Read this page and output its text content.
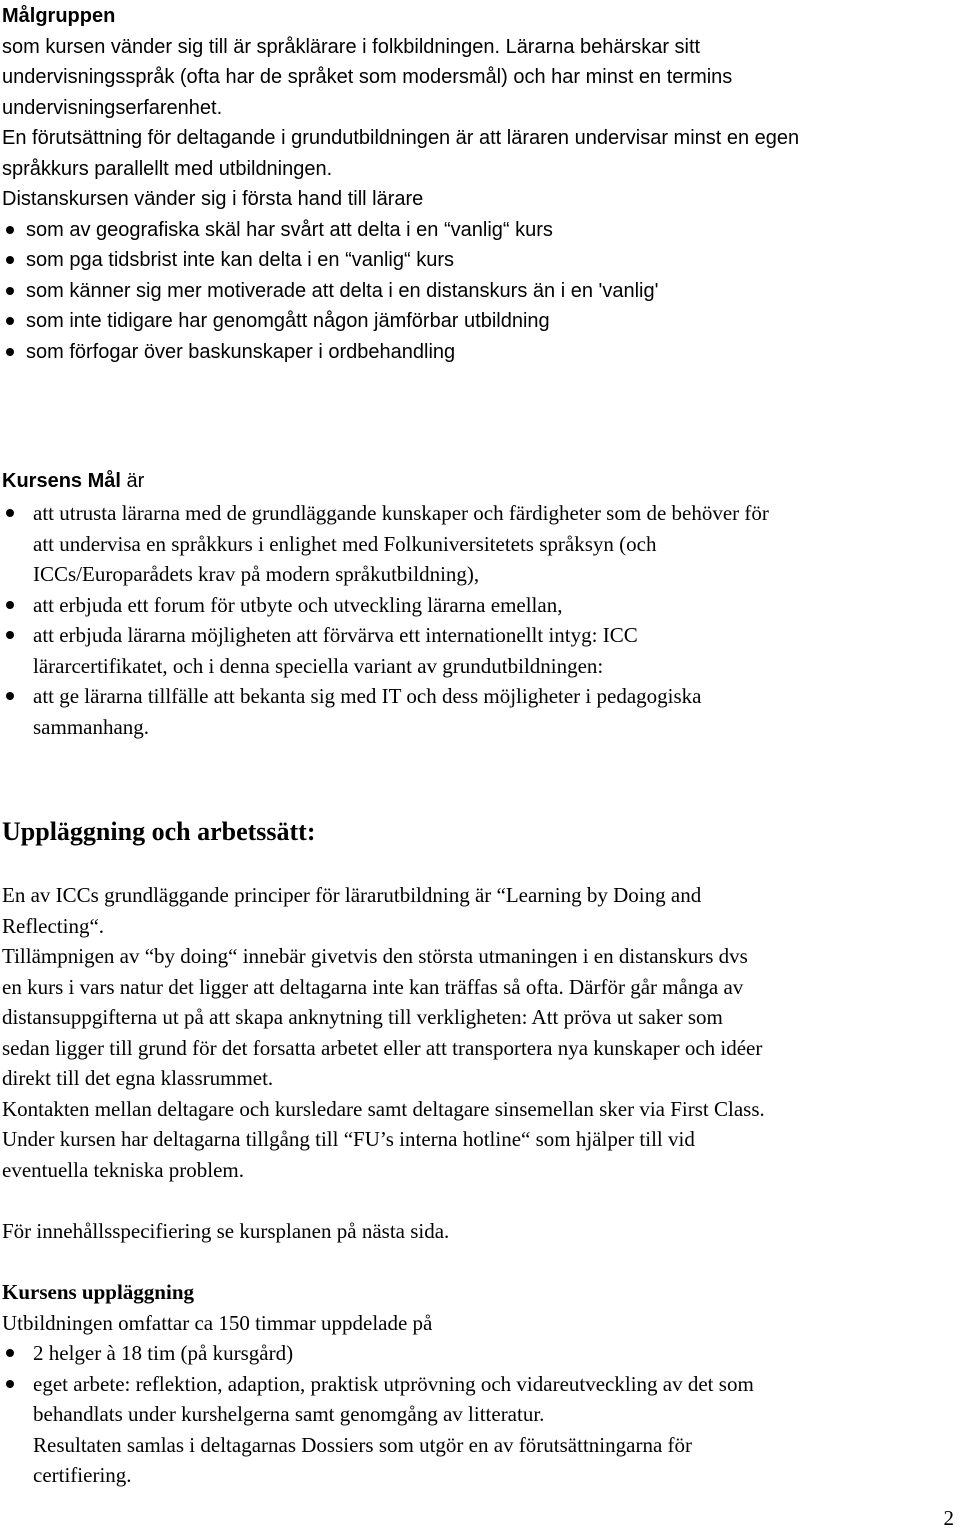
Målgruppen
som kursen vänder sig till är språklärare i folkbildningen. Lärarna behärskar sitt
undervisningsspråk (ofta har de språket som modersmål) och har minst en termins
undervisningserfarenhet.
En förutsättning för deltagande i grundutbildningen är att läraren undervisar minst en egen
språkkurs parallellt med utbildningen.
Distanskursen vänder sig i första hand till lärare
som av geografiska skäl har svårt att delta i en “vanlig“ kurs
som pga tidsbrist inte kan delta i en “vanlig“ kurs
som känner sig mer motiverade att delta i en distanskurs än i en 'vanlig'
som inte tidigare har genomgått någon jämförbar utbildning
som förfogar över baskunskaper i ordbehandling
Kursens Mål är
att utrusta lärarna med de grundläggande kunskaper och färdigheter som de behöver för
att undervisa en språkkurs i enlighet med Folkuniversitetets språksyn (och
ICCs/Europarådets krav på modern språkutbildning),
att erbjuda ett forum för utbyte och utveckling lärarna emellan,
att erbjuda lärarna möjligheten att förvärva ett internationellt intyg: ICC
lärarcertifikatet, och i denna speciella variant av grundutbildningen:
att ge lärarna tillfälle att bekanta sig med IT och dess möjligheter i pedagogiska
sammanhang.
Uppläggning och arbetssätt:
En av ICCs grundläggande principer för lärarutbildning är “Learning by Doing and
Reflecting“.
Tillämpnigen av “by doing“ innebär givetvis den största utmaningen i en distanskurs dvs
en kurs i vars natur det ligger att deltagarna inte kan träffas så ofta. Därför går många av
distansuppgifterna ut på att skapa anknytning till verkligheten: Att pröva ut saker som
sedan ligger till grund för det forsatta arbetet eller att transportera nya kunskaper och idéer
direkt till det egna klassrummet.
Kontakten mellan deltagare och kursledare samt deltagare sinsemellan sker via First Class.
Under kursen har deltagarna tillgång till “FU’s interna hotline“ som hjälper till vid
eventuella tekniska problem.
För innehållsspecifiering se kursplanen på nästa sida.
Kursens uppläggning
Utbildningen omfattar ca 150 timmar uppdelade på
2 helger à 18 tim (på kursgård)
eget arbete: reflektion, adaption, praktisk utprövning och vidareutveckling av det som
behandlats under kurshelgerna samt genomgång av litteratur.
Resultaten samlas i deltagarnas Dossiers som utgör en av förutsättningarna för
certifiering.
2
